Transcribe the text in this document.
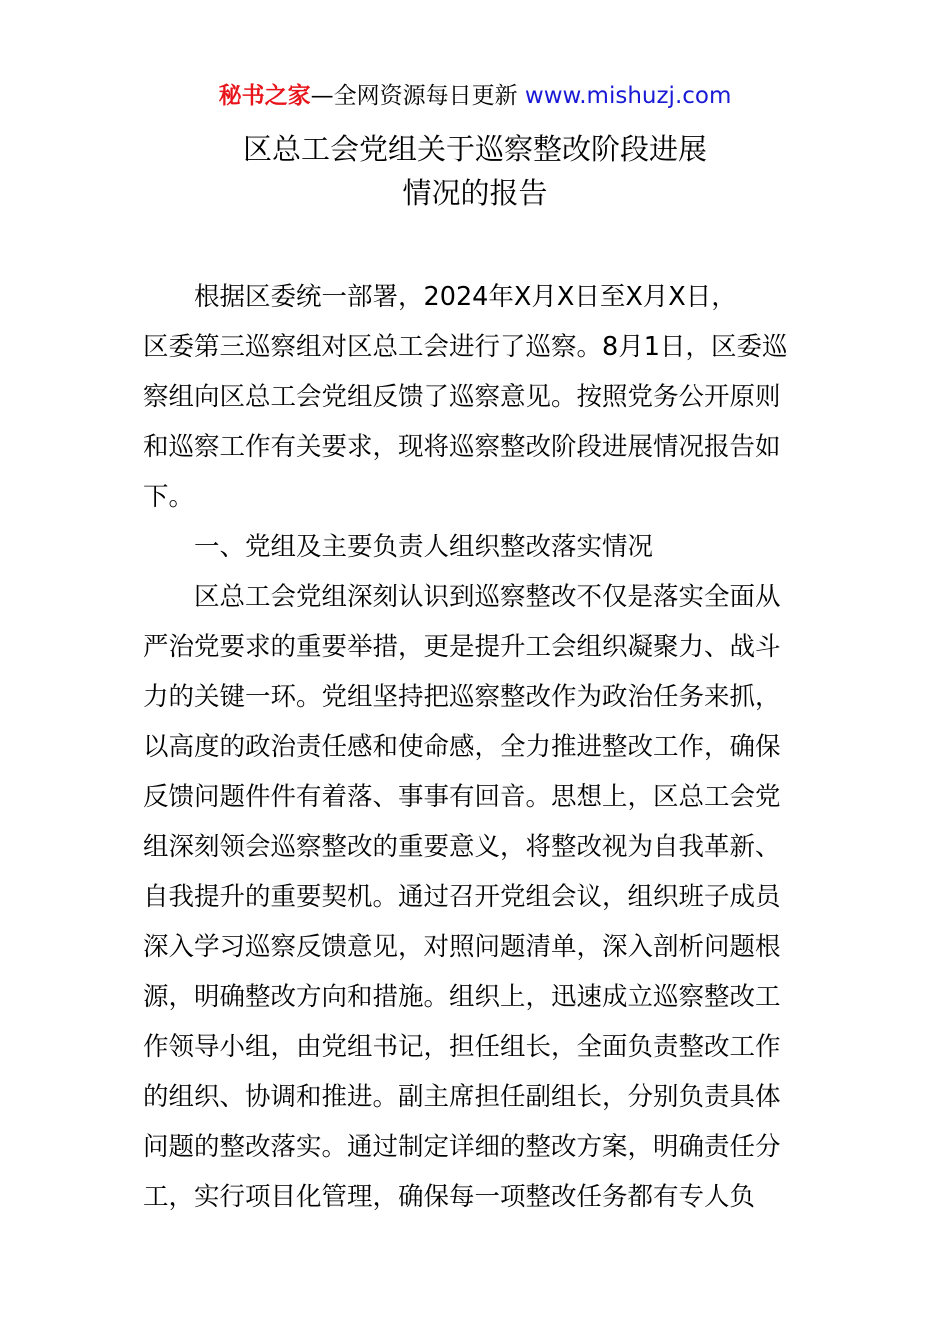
秘书之家—全网资源每日更新 www.mishuzj.com
区总工会党组关于巡察整改阶段进展
情况的报告
根据区委统一部署，2024年X月X日至X月X日，
区委第三巡察组对区总工会进行了巡察。8月1日，区委巡
察组向区总工会党组反馈了巡察意见。按照党务公开原则
和巡察工作有关要求，现将巡察整改阶段进展情况报告如
下。
一、党组及主要负责人组织整改落实情况
区总工会党组深刻认识到巡察整改不仅是落实全面从
严治党要求的重要举措，更是提升工会组织凝聚力、战斗
力的关键一环。党组坚持把巡察整改作为政治任务来抓，
以高度的政治责任感和使命感，全力推进整改工作，确保
反馈问题件件有着落、事事有回音。思想上，区总工会党
组深刻领会巡察整改的重要意义，将整改视为自我革新、
自我提升的重要契机。通过召开党组会议，组织班子成员
深入学习巡察反馈意见，对照问题清单，深入剖析问题根
源，明确整改方向和措施。组织上，迅速成立巡察整改工
作领导小组，由党组书记，担任组长，全面负责整改工作
的组织、协调和推进。副主席担任副组长，分别负责具体
问题的整改落实。通过制定详细的整改方案，明确责任分
工，实行项目化管理，确保每一项整改任务都有专人负
